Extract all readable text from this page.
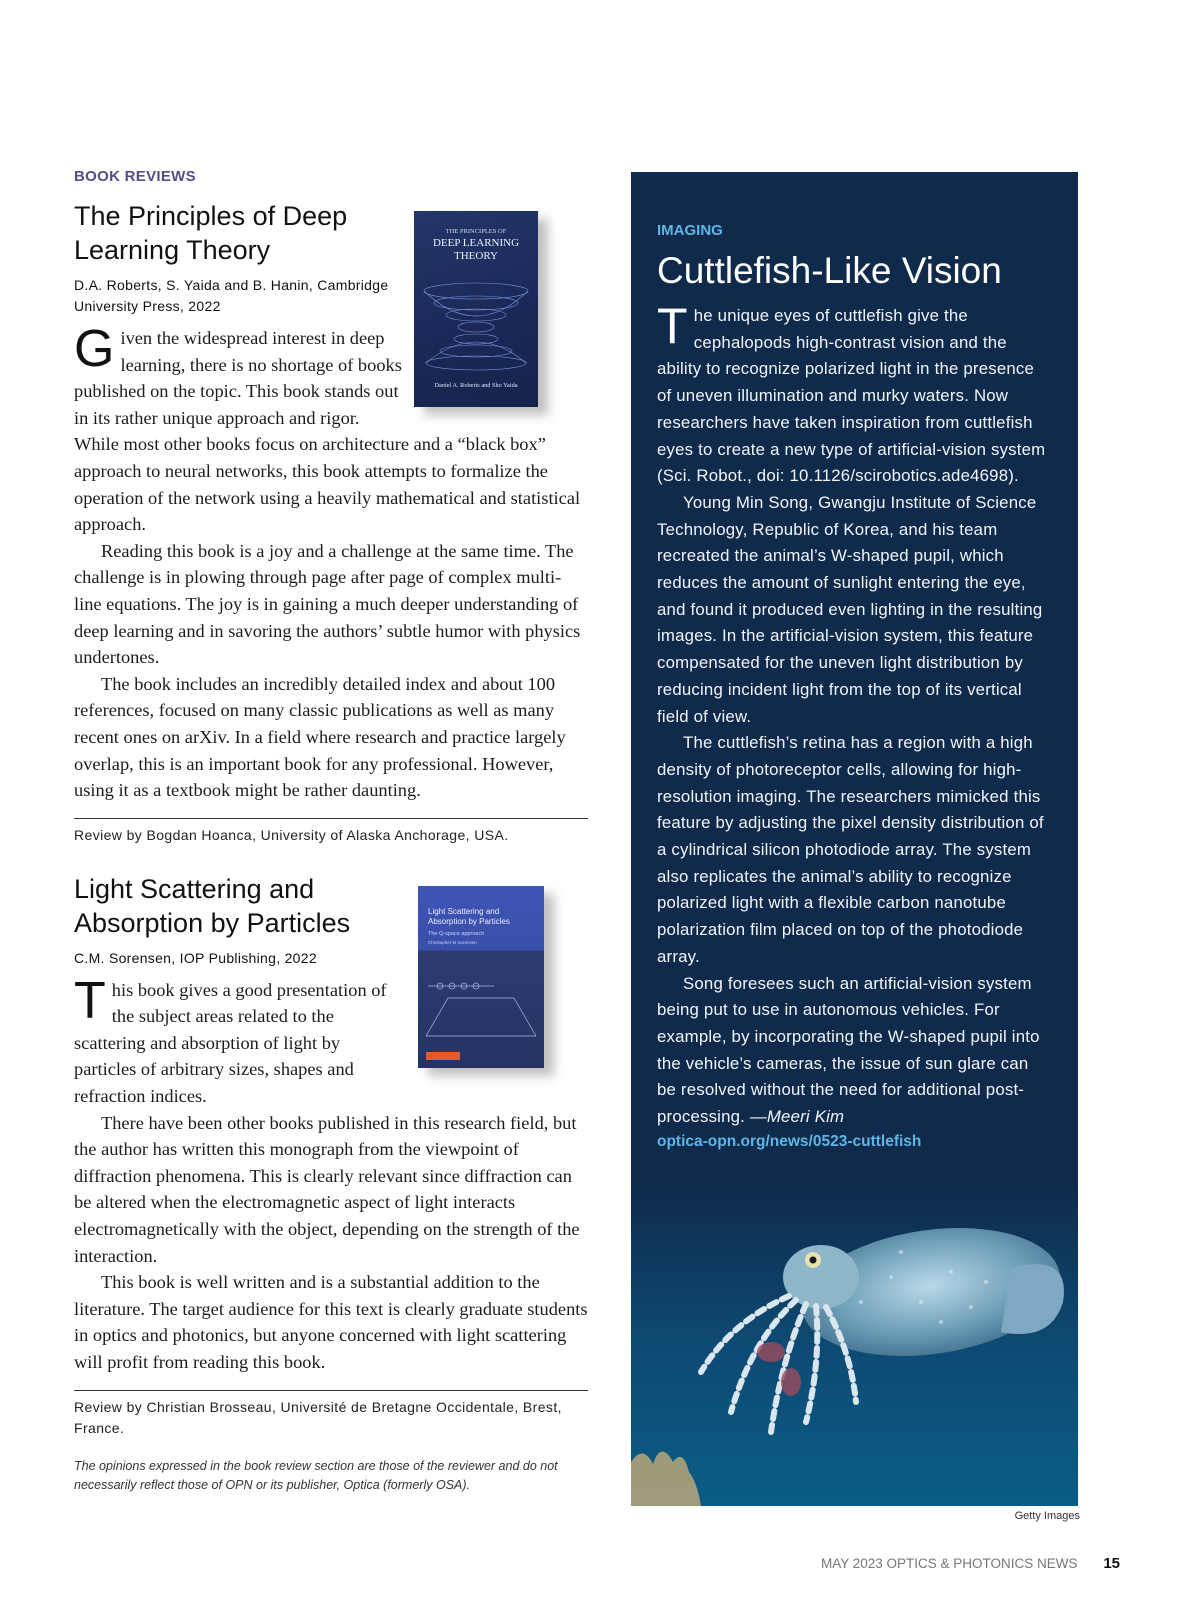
BOOK REVIEWS
THE PRINCIPLES OF
DEEP LEARNING
THEORY
Daniel A. Roberts and Sho Yaida
The Principles of Deep Learning Theory
D.A. Roberts, S. Yaida and B. Hanin, Cambridge University Press, 2022

Given the widespread interest in deep learning, there is no shortage of books published on the topic. This book stands out in its rather unique approach and rigor. While most other books focus on architecture and a “black box” approach to neural networks, this book attempts to formalize the operation of the network using a heavily mathematical and statistical approach.

Reading this book is a joy and a challenge at the same time. The challenge is in plowing through page after page of complex multi-line equations. The joy is in gaining a much deeper understanding of deep learning and in savoring the authors’ subtle humor with physics undertones.

The book includes an incredibly detailed index and about 100 references, focused on many classic publications as well as many recent ones on arXiv. In a field where research and practice largely overlap, this is an important book for any professional. However, using it as a textbook might be rather daunting.

Review by Bogdan Hoanca, University of Alaska Anchorage, USA.
Light Scattering and
Absorption by Particles
The Q-space approach
Christopher M Sorensen
Light Scattering and Absorption by Particles
C.M. Sorensen, IOP Publishing, 2022

This book gives a good presentation of the subject areas related to the scattering and absorption of light by particles of arbitrary sizes, shapes and refraction indices.

There have been other books published in this research field, but the author has written this monograph from the viewpoint of diffraction phenomena. This is clearly relevant since diffraction can be altered when the electromagnetic aspect of light interacts electromagnetically with the object, depending on the strength of the interaction.

This book is well written and is a substantial addition to the literature. The target audience for this text is clearly graduate students in optics and photonics, but anyone concerned with light scattering will profit from reading this book.

Review by Christian Brosseau, Université de Bretagne Occidentale, Brest, France.
The opinions expressed in the book review section are those of the reviewer and do not necessarily reflect those of OPN or its publisher, Optica (formerly OSA).
IMAGING
Cuttlefish-Like Vision

The unique eyes of cuttlefish give the cephalopods high-contrast vision and the ability to recognize polarized light in the presence of uneven illumination and murky waters. Now researchers have taken inspiration from cuttlefish eyes to create a new type of artificial-vision system (Sci. Robot., doi: 10.1126/scirobotics.ade4698).

Young Min Song, Gwangju Institute of Science Technology, Republic of Korea, and his team recreated the animal’s W-shaped pupil, which reduces the amount of sunlight entering the eye, and found it produced even lighting in the resulting images. In the artificial-vision system, this feature compensated for the uneven light distribution by reducing incident light from the top of its vertical field of view.

The cuttlefish’s retina has a region with a high density of photoreceptor cells, allowing for high-resolution imaging. The researchers mimicked this feature by adjusting the pixel density distribution of a cylindrical silicon photodiode array. The system also replicates the animal’s ability to recognize polarized light with a flexible carbon nanotube polarization film placed on top of the photodiode array.

Song foresees such an artificial-vision system being put to use in autonomous vehicles. For example, by incorporating the W-shaped pupil into the vehicle’s cameras, the issue of sun glare can be resolved without the need for additional post-processing. —Meeri Kim

optica-opn.org/news/0523-cuttlefish
Getty Images
MAY 2023 OPTICS & PHOTONICS NEWS 15
